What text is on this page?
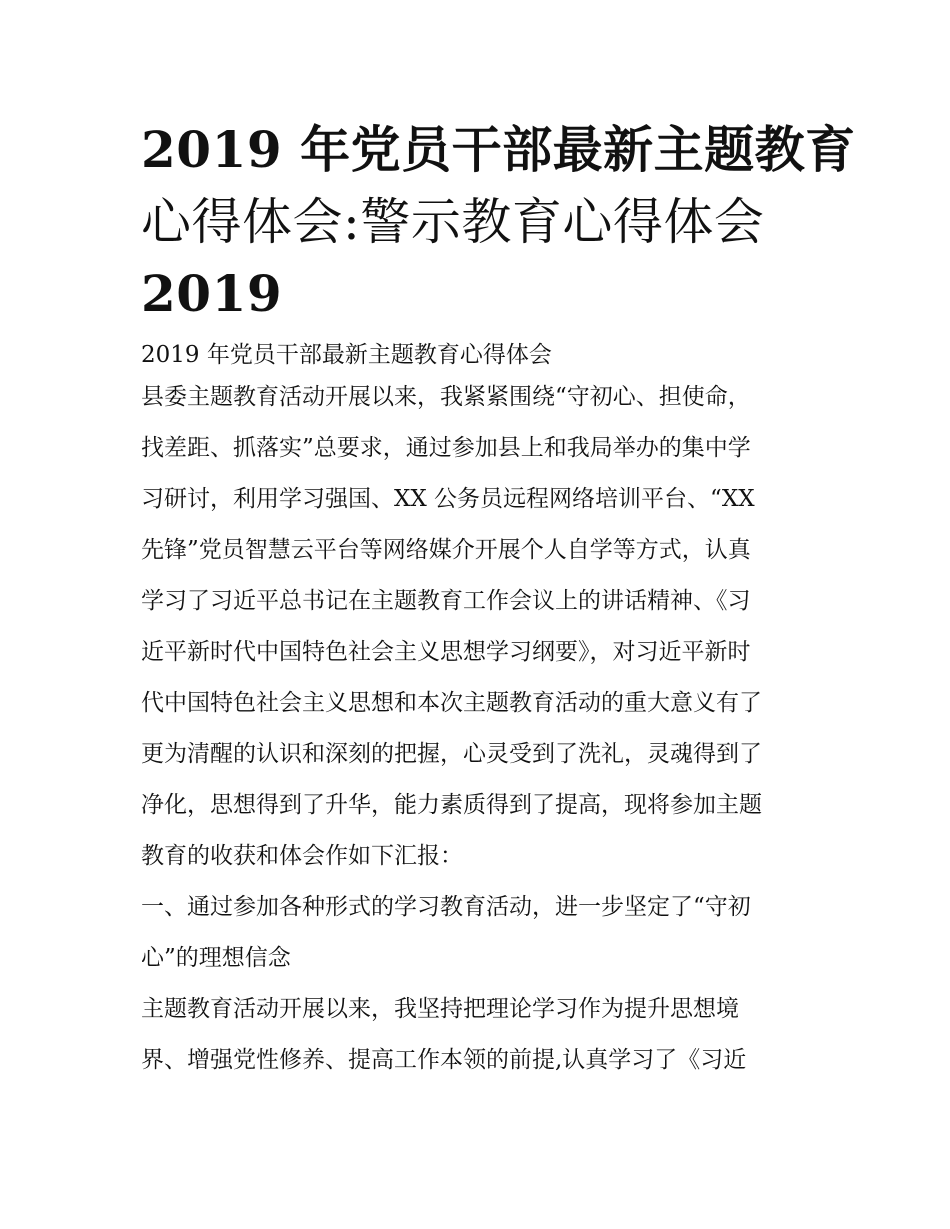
2019 年党员干部最新主题教育
心得体会:警示教育心得体会
2019

2019 年党员干部最新主题教育心得体会

县委主题教育活动开展以来，我紧紧围绕“守初心、担使命，
找差距、抓落实”总要求，通过参加县上和我局举办的集中学
习研讨，利用学习强国、XX 公务员远程网络培训平台、“XX
先锋”党员智慧云平台等网络媒介开展个人自学等方式，认真
学习了习近平总书记在主题教育工作会议上的讲话精神、《习
近平新时代中国特色社会主义思想学习纲要》，对习近平新时
代中国特色社会主义思想和本次主题教育活动的重大意义有了
更为清醒的认识和深刻的把握，心灵受到了洗礼，灵魂得到了
净化，思想得到了升华，能力素质得到了提高，现将参加主题
教育的收获和体会作如下汇报：

一、通过参加各种形式的学习教育活动，进一步坚定了“守初
心”的理想信念

主题教育活动开展以来，我坚持把理论学习作为提升思想境
界、增强党性修养、提高工作本领的前提,认真学习了《习近
